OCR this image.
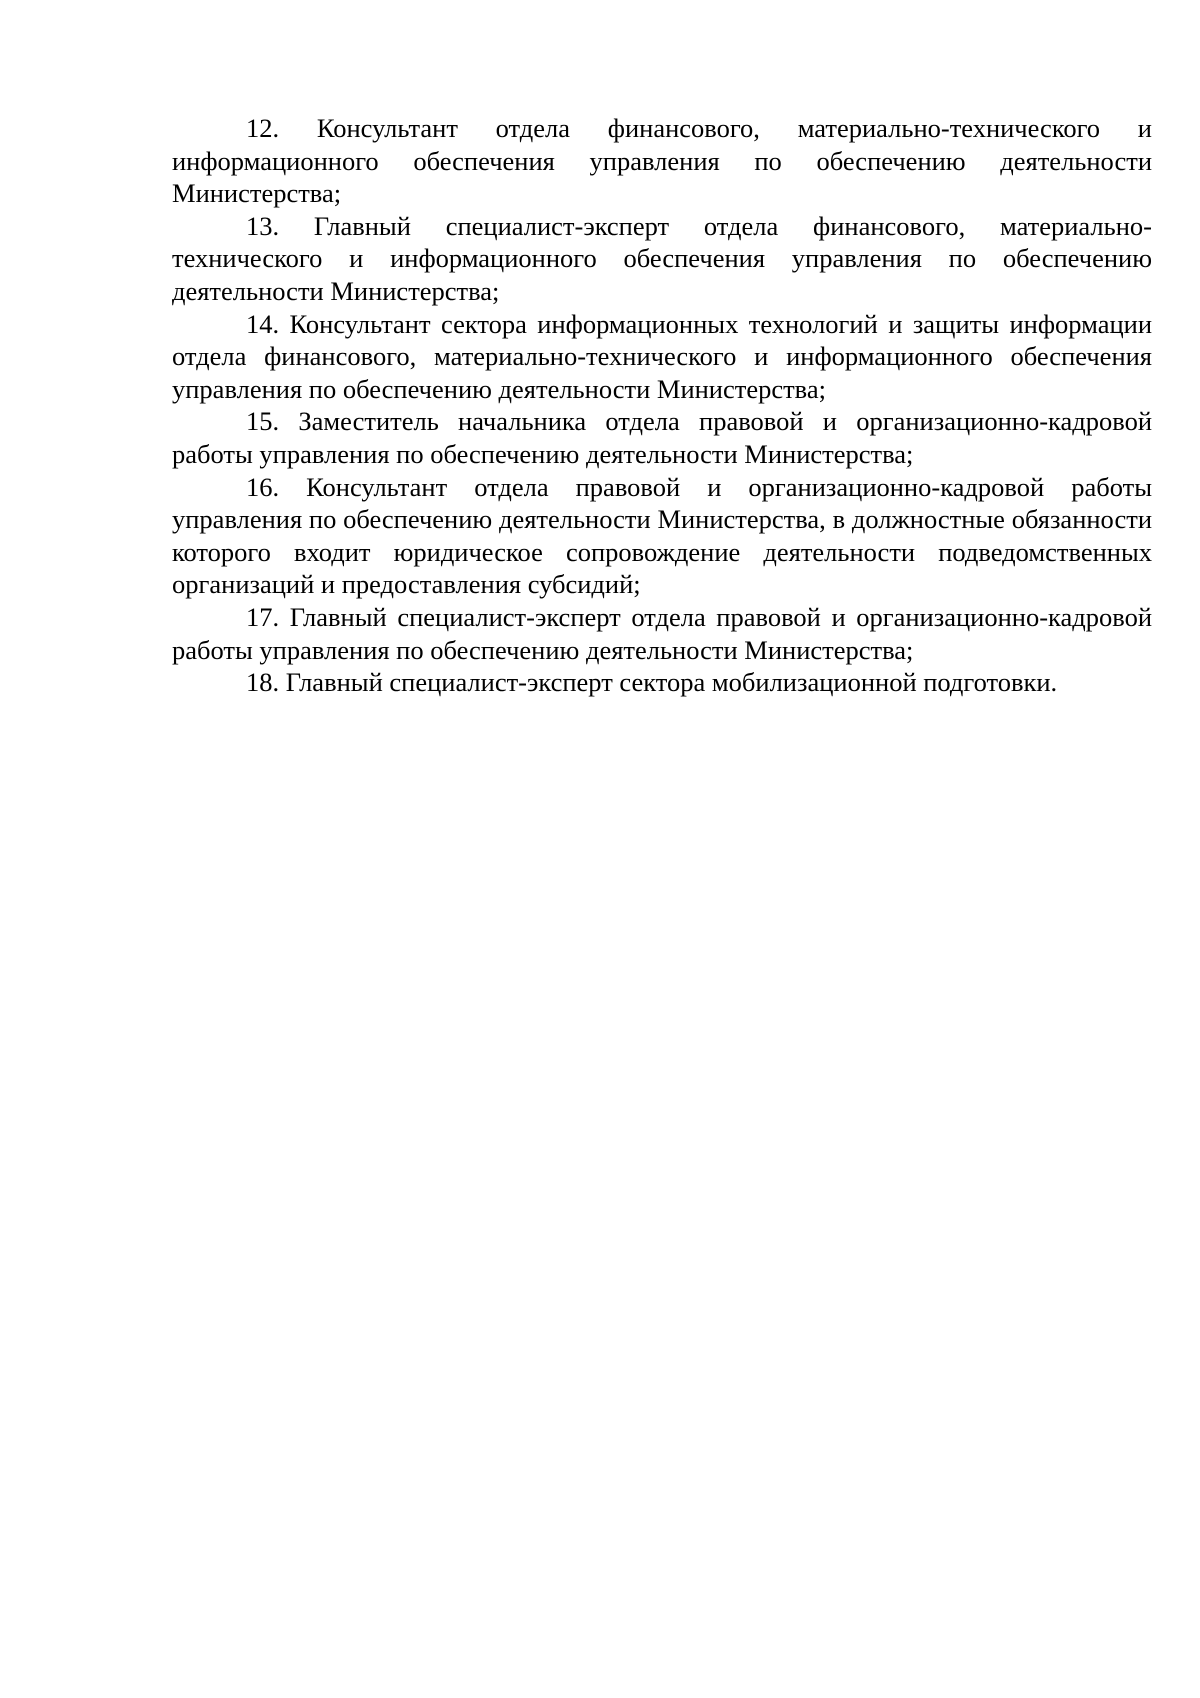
12. Консультант отдела финансового, материально-технического и информационного обеспечения управления по обеспечению деятельности Министерства;

13. Главный специалист-эксперт отдела финансового, материально-технического и информационного обеспечения управления по обеспечению деятельности Министерства;

14. Консультант сектора информационных технологий и защиты информации отдела финансового, материально-технического и информационного обеспечения управления по обеспечению деятельности Министерства;

15. Заместитель начальника отдела правовой и организационно-кадровой работы управления по обеспечению деятельности Министерства;

16. Консультант отдела правовой и организационно-кадровой работы управления по обеспечению деятельности Министерства, в должностные обязанности которого входит юридическое сопровождение деятельности подведомственных организаций и предоставления субсидий;

17. Главный специалист-эксперт отдела правовой и организационно-кадровой работы управления по обеспечению деятельности Министерства;

18. Главный специалист-эксперт сектора мобилизационной подготовки.
